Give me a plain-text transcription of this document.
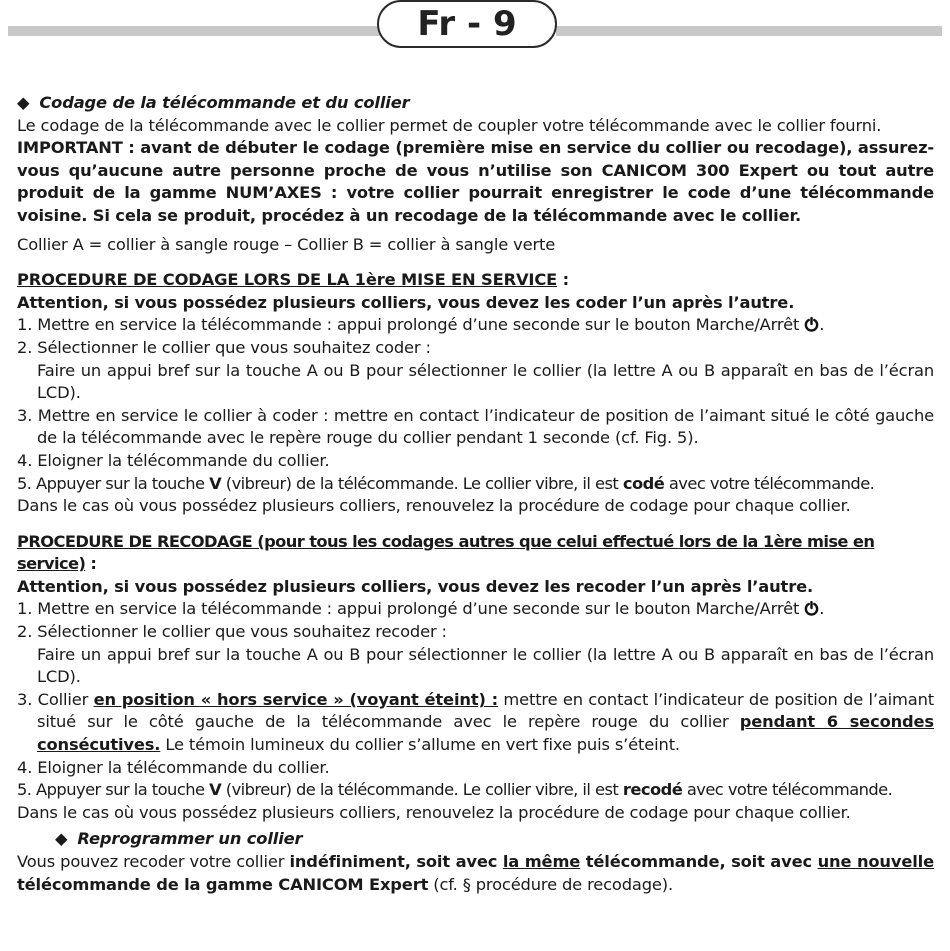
Fr - 9

◆ Codage de la télécommande et du collier

Le codage de la télécommande avec le collier permet de coupler votre télécommande avec le collier fourni.

IMPORTANT : avant de débuter le codage (première mise en service du collier ou recodage), assurez-vous qu’aucune autre personne proche de vous n’utilise son CANICOM 300 Expert ou tout autre produit de la gamme NUM’AXES : votre collier pourrait enregistrer le code d’une télécommande voisine. Si cela se produit, procédez à un recodage de la télécommande avec le collier.

Collier A = collier à sangle rouge – Collier B = collier à sangle verte

PROCEDURE DE CODAGE LORS DE LA 1ère MISE EN SERVICE :

Attention, si vous possédez plusieurs colliers, vous devez les coder l’un après l’autre.

1. Mettre en service la télécommande : appui prolongé d’une seconde sur le bouton Marche/Arrêt .

2. Sélectionner le collier que vous souhaitez coder :

Faire un appui bref sur la touche A ou B pour sélectionner le collier (la lettre A ou B apparaît en bas de l’écran LCD).

3. Mettre en service le collier à coder : mettre en contact l’indicateur de position de l’aimant situé le côté gauche de la télécommande avec le repère rouge du collier pendant 1 seconde (cf. Fig. 5).

4. Eloigner la télécommande du collier.

5. Appuyer sur la touche V (vibreur) de la télécommande. Le collier vibre, il est codé avec votre télécommande.

Dans le cas où vous possédez plusieurs colliers, renouvelez la procédure de codage pour chaque collier.

PROCEDURE DE RECODAGE (pour tous les codages autres que celui effectué lors de la 1ère mise en service) :

Attention, si vous possédez plusieurs colliers, vous devez les recoder l’un après l’autre.

1. Mettre en service la télécommande : appui prolongé d’une seconde sur le bouton Marche/Arrêt .

2. Sélectionner le collier que vous souhaitez recoder :

Faire un appui bref sur la touche A ou B pour sélectionner le collier (la lettre A ou B apparaît en bas de l’écran LCD).

3. Collier en position « hors service » (voyant éteint) : mettre en contact l’indicateur de position de l’aimant situé sur le côté gauche de la télécommande avec le repère rouge du collier pendant 6 secondes consécutives. Le témoin lumineux du collier s’allume en vert fixe puis s’éteint.

4. Eloigner la télécommande du collier.

5. Appuyer sur la touche V (vibreur) de la télécommande. Le collier vibre, il est recodé avec votre télécommande.

Dans le cas où vous possédez plusieurs colliers, renouvelez la procédure de codage pour chaque collier.

◆ Reprogrammer un collier

Vous pouvez recoder votre collier indéfiniment, soit avec la même télécommande, soit avec une nouvelle télécommande de la gamme CANICOM Expert (cf. § procédure de recodage).
